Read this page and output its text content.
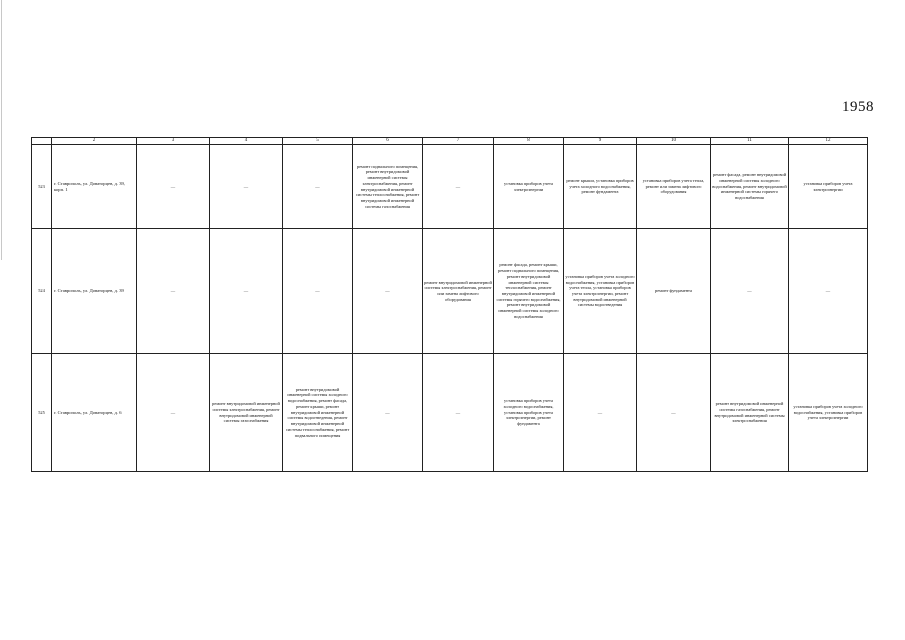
1958
	2	3	4	5	6	7	8	9	10	11	12
523	г. Ставрополь, ул. Доваторцев, д. 39, корп. 1	—	—	—	ремонт подвального помещения, ремонт внутридомовой инженерной системы электроснабжения, ремонт внутридомовой инженерной системы теплоснабжения, ремонт внутридомовой инженерной системы газоснабжения	—	установка приборов учета электроэнергии	ремонт крыши, установка приборов учета холодного водоснабжения, ремонт фундамента	установка приборов учета тепла, ремонт или замена лифтового оборудования	ремонт фасада, ремонт внутридомовой инженерной системы холодного водоснабжения, ремонт внутридомовой инженерной системы горячего водоснабжения	установка приборов учета электроэнергии

524	г. Ставрополь, ул. Доваторцев, д. 39	—	—	—	—	ремонт внутридомовой инженерной системы электроснабжения, ремонт или замена лифтового оборудования	ремонт фасада, ремонт крыши, ремонт подвального помещения, ремонт внутридомовой инженерной системы теплоснабжения, ремонт внутридомовой инженерной системы горячего водоснабжения, ремонт внутридомовой инженерной системы холодного водоснабжения	установка приборов учета холодного водоснабжения, установка приборов учета тепла, установка приборов учета электроэнергии, ремонт внутридомовой инженерной системы водоотведения	ремонт фундамента	—	—

525	г. Ставрополь, ул. Доваторцев, д. 6	—	ремонт внутридомовой инженерной системы электроснабжения, ремонт внутридомовой инженерной системы газоснабжения	ремонт внутридомовой инженерной системы холодного водоснабжения, ремонт фасада, ремонт крыши, ремонт внутридомовой инженерной системы водоотведения, ремонт внутридомовой инженерной системы теплоснабжения, ремонт подвального помещения	—	—	установка приборов учета холодного водоснабжения, установка приборов учета электроэнергии, ремонт фундамента	—	—	ремонт внутридомовой инженерной системы газоснабжения, ремонт внутридомовой инженерной системы электроснабжения	установка приборов учета холодного водоснабжения, установка приборов учета электроэнергии
